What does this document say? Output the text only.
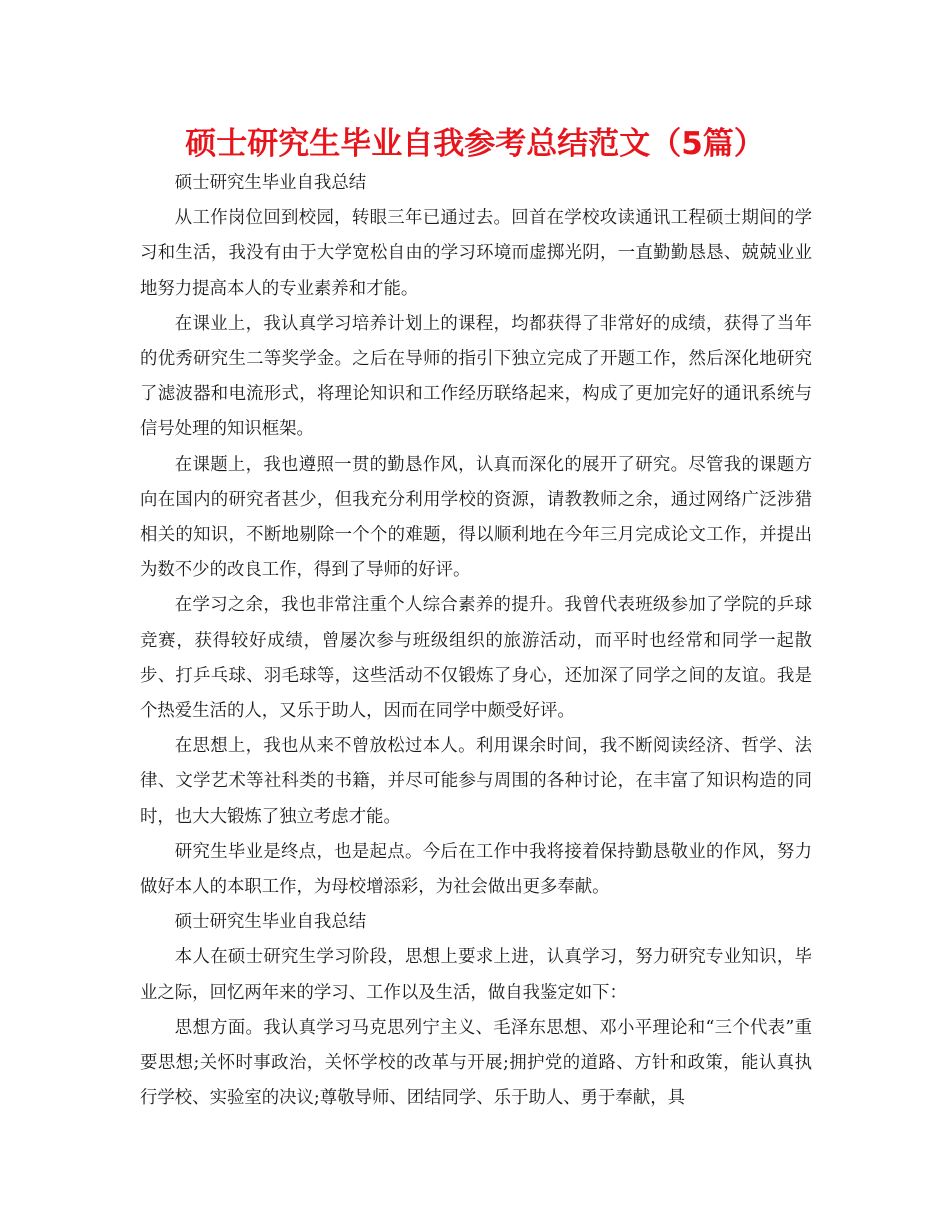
硕士研究生毕业自我参考总结范文（5篇）

硕士研究生毕业自我总结

从工作岗位回到校园，转眼三年已通过去。回首在学校攻读通讯工程硕士期间的学习和生活，我没有由于大学宽松自由的学习环境而虚掷光阴，一直勤勤恳恳、兢兢业业地努力提高本人的专业素养和才能。

在课业上，我认真学习培养计划上的课程，均都获得了非常好的成绩，获得了当年的优秀研究生二等奖学金。之后在导师的指引下独立完成了开题工作，然后深化地研究了滤波器和电流形式，将理论知识和工作经历联络起来，构成了更加完好的通讯系统与信号处理的知识框架。

在课题上，我也遵照一贯的勤恳作风，认真而深化的展开了研究。尽管我的课题方向在国内的研究者甚少，但我充分利用学校的资源，请教教师之余，通过网络广泛涉猎相关的知识，不断地剔除一个个的难题，得以顺利地在今年三月完成论文工作，并提出为数不少的改良工作，得到了导师的好评。

在学习之余，我也非常注重个人综合素养的提升。我曾代表班级参加了学院的乒球竞赛，获得较好成绩，曾屡次参与班级组织的旅游活动，而平时也经常和同学一起散步、打乒乓球、羽毛球等，这些活动不仅锻炼了身心，还加深了同学之间的友谊。我是个热爱生活的人，又乐于助人，因而在同学中颇受好评。

在思想上，我也从来不曾放松过本人。利用课余时间，我不断阅读经济、哲学、法律、文学艺术等社科类的书籍，并尽可能参与周围的各种讨论，在丰富了知识构造的同时，也大大锻炼了独立考虑才能。

研究生毕业是终点，也是起点。今后在工作中我将接着保持勤恳敬业的作风，努力做好本人的本职工作，为母校增添彩，为社会做出更多奉献。

硕士研究生毕业自我总结

本人在硕士研究生学习阶段，思想上要求上进，认真学习，努力研究专业知识，毕业之际，回忆两年来的学习、工作以及生活，做自我鉴定如下：

思想方面。我认真学习马克思列宁主义、毛泽东思想、邓小平理论和“三个代表”重要思想;关怀时事政治，关怀学校的改革与开展;拥护党的道路、方针和政策，能认真执行学校、实验室的决议;尊敬导师、团结同学、乐于助人、勇于奉献，具
